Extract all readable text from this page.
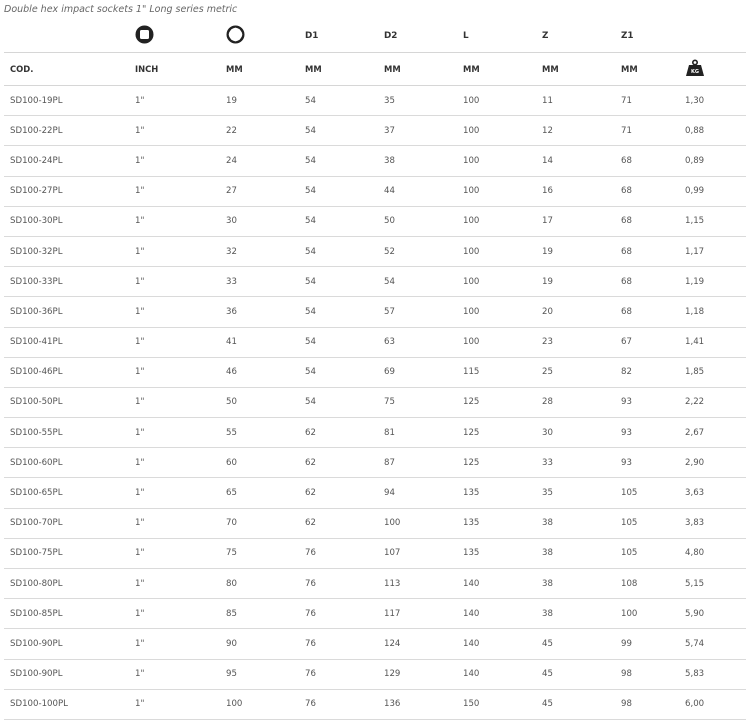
Double hex impact sockets 1" Long series metric
			D1	D2	L	Z	Z1	
COD.	INCH	MM	MM	MM	MM	MM	MM	KG

SD100-19PL	1"	19	54	35	100	11	71	1,30
SD100-22PL	1"	22	54	37	100	12	71	0,88
SD100-24PL	1"	24	54	38	100	14	68	0,89
SD100-27PL	1"	27	54	44	100	16	68	0,99
SD100-30PL	1"	30	54	50	100	17	68	1,15
SD100-32PL	1"	32	54	52	100	19	68	1,17
SD100-33PL	1"	33	54	54	100	19	68	1,19
SD100-36PL	1"	36	54	57	100	20	68	1,18
SD100-41PL	1"	41	54	63	100	23	67	1,41
SD100-46PL	1"	46	54	69	115	25	82	1,85
SD100-50PL	1"	50	54	75	125	28	93	2,22
SD100-55PL	1"	55	62	81	125	30	93	2,67
SD100-60PL	1"	60	62	87	125	33	93	2,90
SD100-65PL	1"	65	62	94	135	35	105	3,63
SD100-70PL	1"	70	62	100	135	38	105	3,83
SD100-75PL	1"	75	76	107	135	38	105	4,80
SD100-80PL	1"	80	76	113	140	38	108	5,15
SD100-85PL	1"	85	76	117	140	38	100	5,90
SD100-90PL	1"	90	76	124	140	45	99	5,74
SD100-90PL	1"	95	76	129	140	45	98	5,83
SD100-100PL	1"	100	76	136	150	45	98	6,00
